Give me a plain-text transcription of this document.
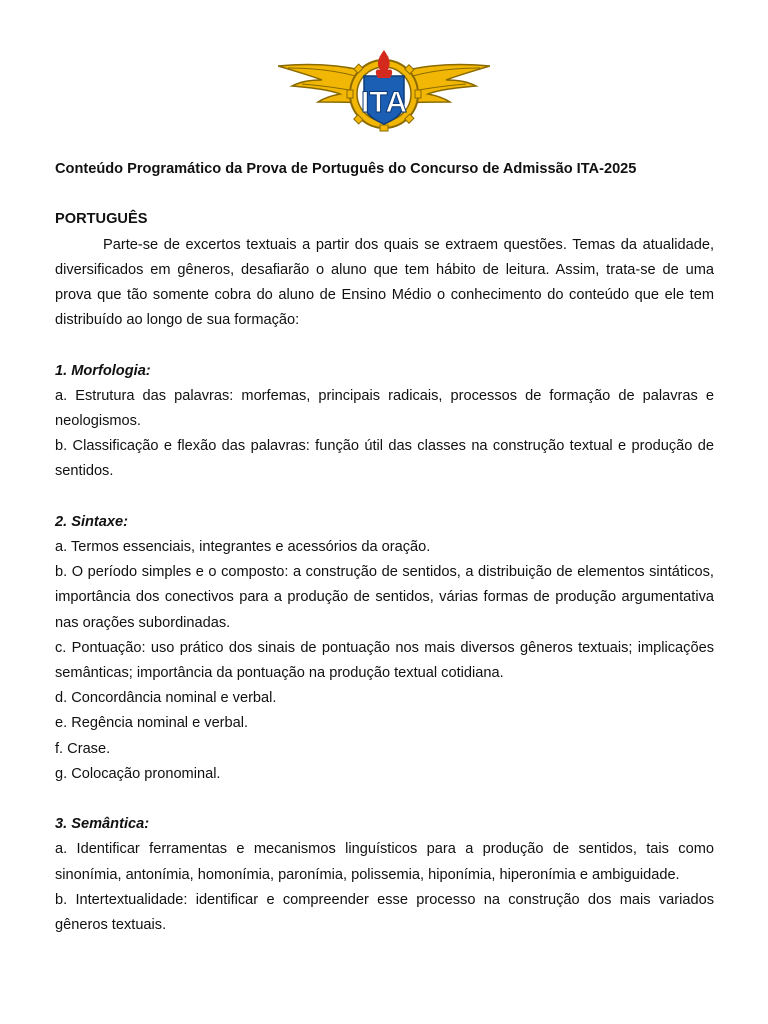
ITA

Conteúdo Programático da Prova de Português do Concurso de Admissão ITA-2025

PORTUGUÊS

Parte-se de excertos textuais a partir dos quais se extraem questões. Temas da atualidade, diversificados em gêneros, desafiarão o aluno que tem hábito de leitura. Assim, trata-se de uma prova que tão somente cobra do aluno de Ensino Médio o conhecimento do conteúdo que ele tem distribuído ao longo de sua formação:

1. Morfologia:

a. Estrutura das palavras: morfemas, principais radicais, processos de formação de palavras e neologismos.

b. Classificação e flexão das palavras: função útil das classes na construção textual e produção de sentidos.

2. Sintaxe:

a. Termos essenciais, integrantes e acessórios da oração.

b. O período simples e o composto: a construção de sentidos, a distribuição de elementos sintáticos, importância dos conectivos para a produção de sentidos, várias formas de produção argumentativa nas orações subordinadas.

c. Pontuação: uso prático dos sinais de pontuação nos mais diversos gêneros textuais; implicações semânticas; importância da pontuação na produção textual cotidiana.

d. Concordância nominal e verbal.

e. Regência nominal e verbal.

f. Crase.

g. Colocação pronominal.

3. Semântica:

a. Identificar ferramentas e mecanismos linguísticos para a produção de sentidos, tais como sinonímia, antonímia, homonímia, paronímia, polissemia, hiponímia, hiperonímia e ambiguidade.

b. Intertextualidade: identificar e compreender esse processo na construção dos mais variados gêneros textuais.
